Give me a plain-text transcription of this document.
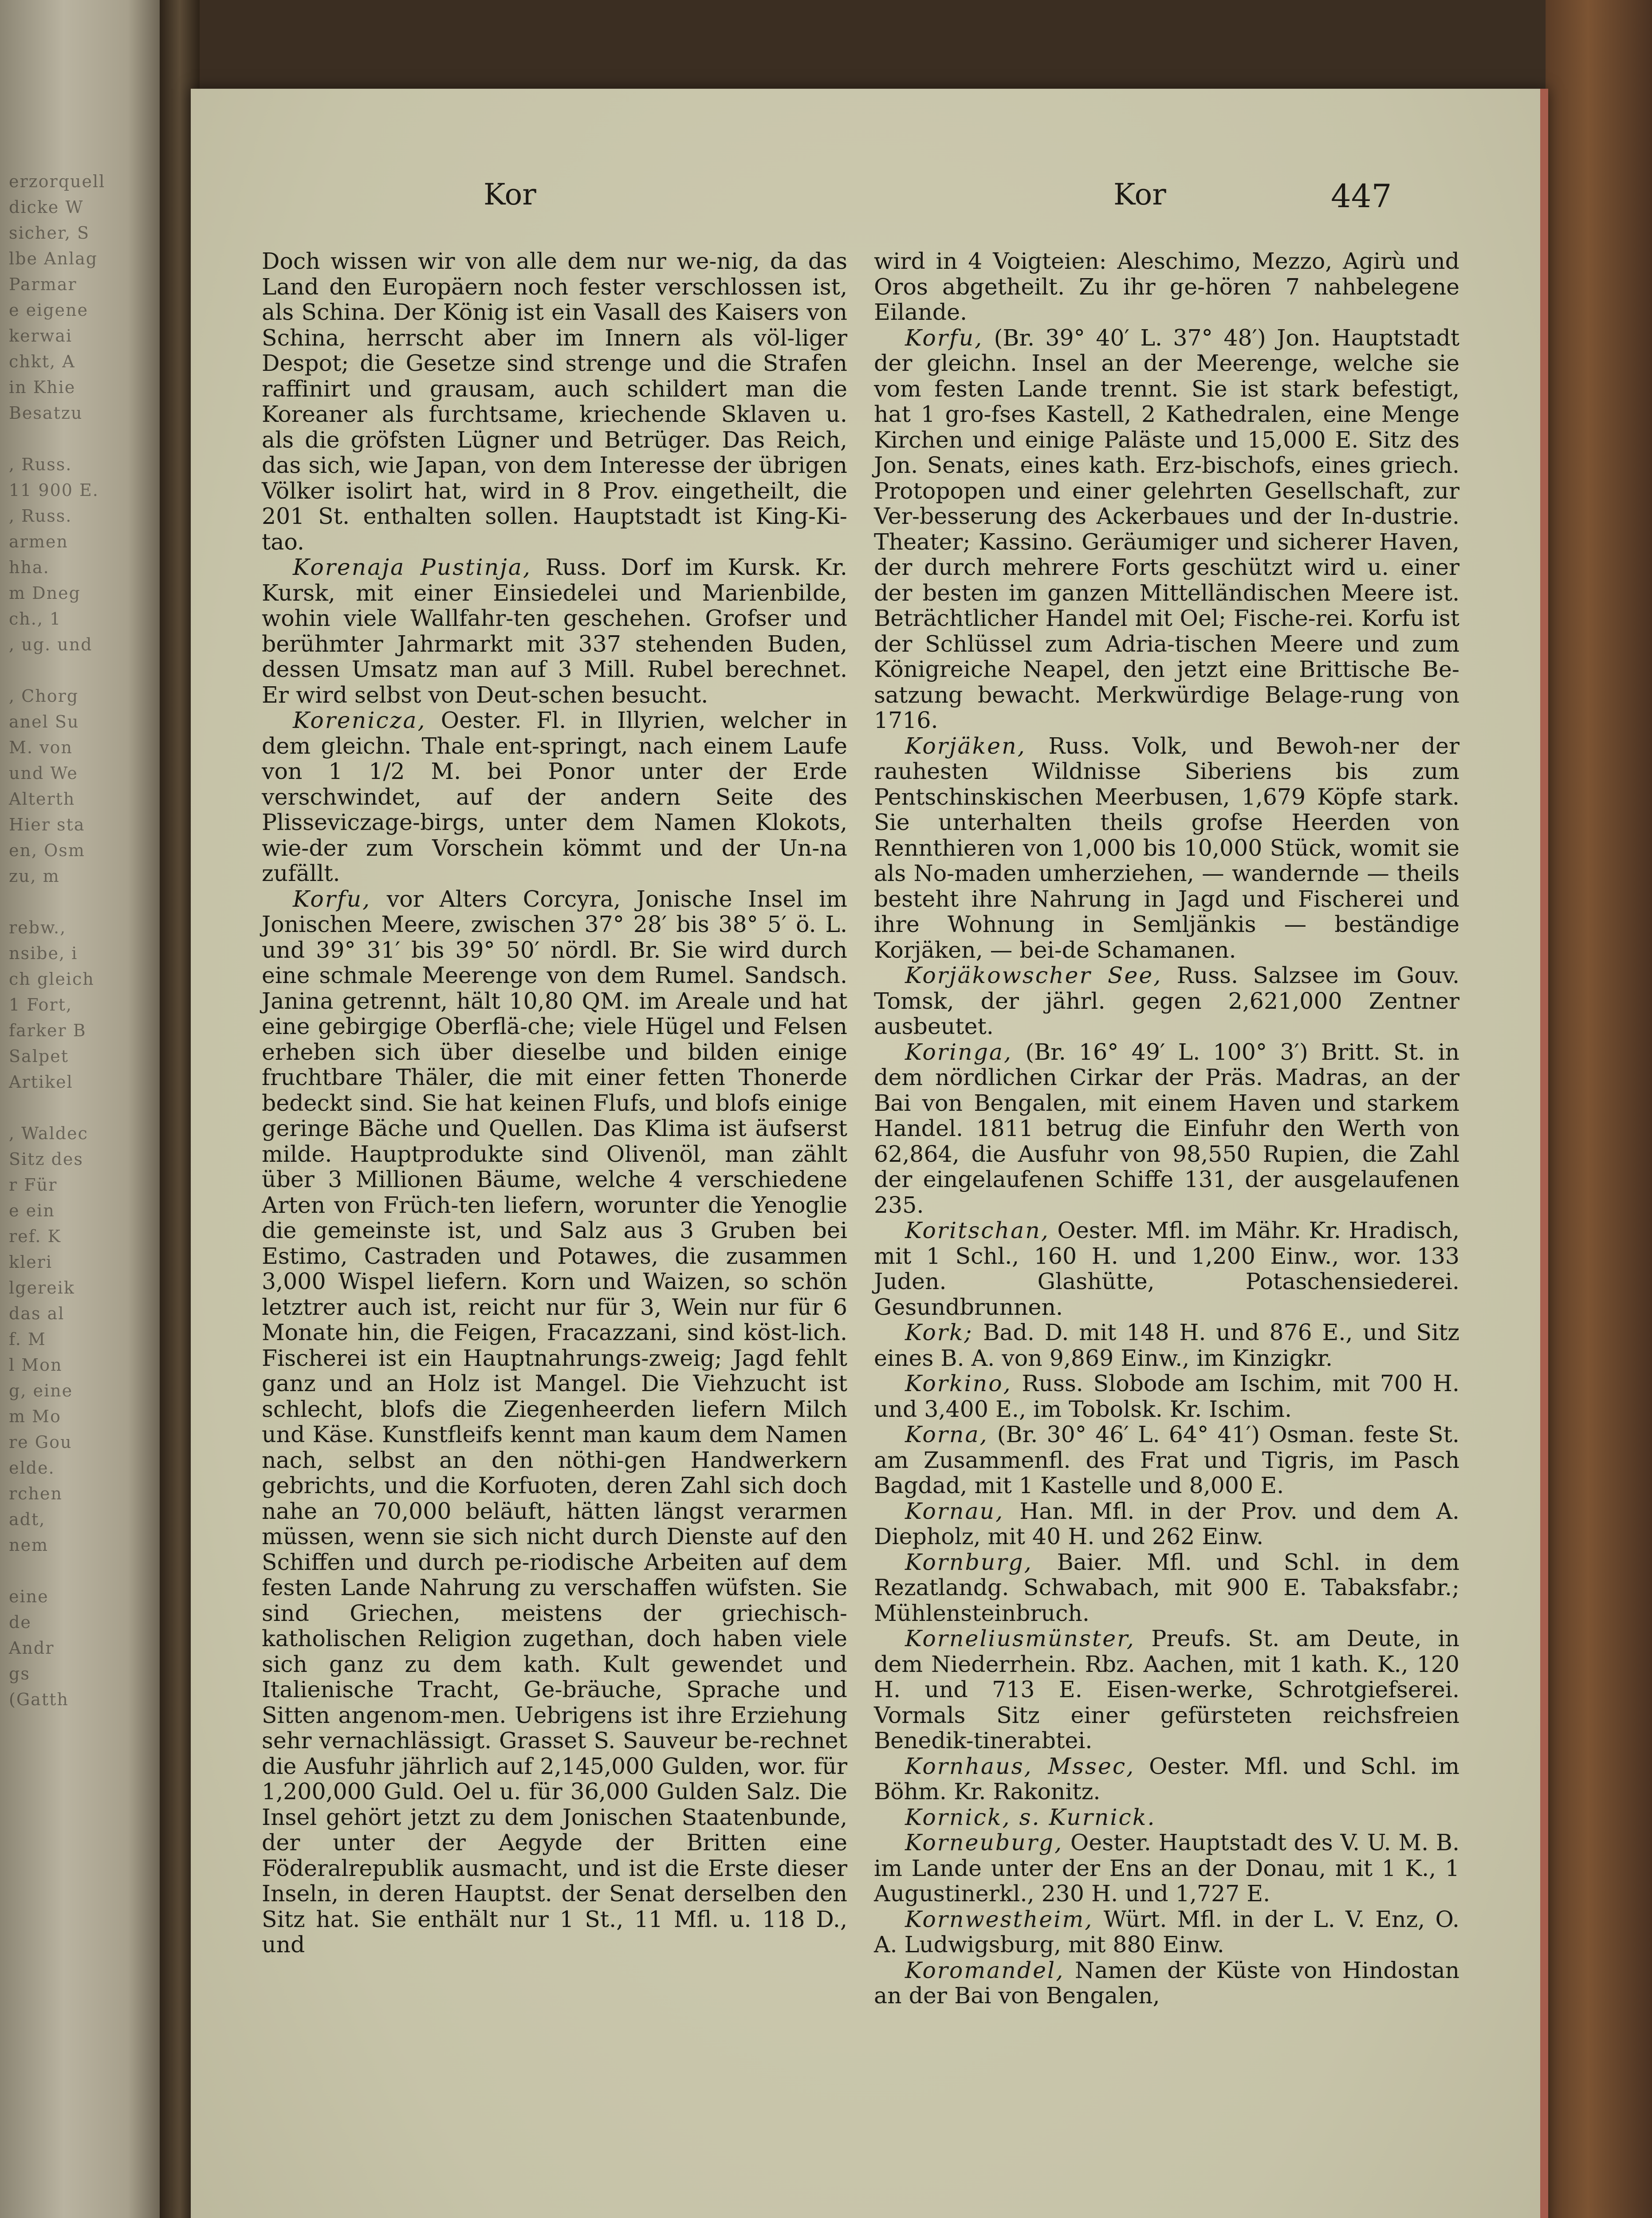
erzorquell
dicke W
sicher, S
lbe Anlag
Parmar
e eigene
kerwai
chkt, A
in Khie
Besatzu

, Russ.
11 900 E.
, Russ.
armen
hha.
m Dneg
ch., 1
, ug. und

, Chorg
anel Su
M. von
und We
Alterth
Hier sta
en, Osm
zu, m

rebw.,
nsibe, i
ch gleich
1 Fort,
farker B
Salpet
Artikel

, Waldec
Sitz des
r Für
e ein
ref. K
kleri
lgereik
das al
f. M
l Mon
g, eine
m Mo
re Gou
elde.
rchen
adt,
nem

eine
de
Andr
gs
(Gatth
Kor	Kor	447

Doch wissen wir von alle dem nur we-nig, da das Land den Europäern noch fester verschlossen ist, als Schina. Der König ist ein Vasall des Kaisers von Schina, herrscht aber im Innern als völ-liger Despot; die Gesetze sind strenge und die Strafen raffinirt und grausam, auch schildert man die Koreaner als furchtsame, kriechende Sklaven u. als die gröfsten Lügner und Betrüger. Das Reich, das sich, wie Japan, von dem Interesse der übrigen Völker isolirt hat, wird in 8 Prov. eingetheilt, die 201 St. enthalten sollen. Hauptstadt ist King-Ki-tao.

Korenaja Pustinja, Russ. Dorf im Kursk. Kr. Kursk, mit einer Einsiedelei und Marienbilde, wohin viele Wallfahr-ten geschehen. Grofser und berühmter Jahrmarkt mit 337 stehenden Buden, dessen Umsatz man auf 3 Mill. Rubel berechnet. Er wird selbst von Deut-schen besucht.

Korenicza, Oester. Fl. in Illyrien, welcher in dem gleichn. Thale ent-springt, nach einem Laufe von 1 1/2 M. bei Ponor unter der Erde verschwindet, auf der andern Seite des Plisseviczage-birgs, unter dem Namen Klokots, wie-der zum Vorschein kömmt und der Un-na zufällt.

Korfu, vor Alters Corcyra, Jonische Insel im Jonischen Meere, zwischen 37° 28′ bis 38° 5′ ö. L. und 39° 31′ bis 39° 50′ nördl. Br. Sie wird durch eine schmale Meerenge von dem Rumel. Sandsch. Janina getrennt, hält 10,80 QM. im Areale und hat eine gebirgige Oberflä-che; viele Hügel und Felsen erheben sich über dieselbe und bilden einige fruchtbare Thäler, die mit einer fetten Thonerde bedeckt sind. Sie hat keinen Flufs, und blofs einige geringe Bäche und Quellen. Das Klima ist äufserst milde. Hauptprodukte sind Olivenöl, man zählt über 3 Millionen Bäume, welche 4 verschiedene Arten von Früch-ten liefern, worunter die Yenoglie die gemeinste ist, und Salz aus 3 Gruben bei Estimo, Castraden und Potawes, die zusammen 3,000 Wispel liefern. Korn und Waizen, so schön letztrer auch ist, reicht nur für 3, Wein nur für 6 Monate hin, die Feigen, Fracazzani, sind köst-lich. Fischerei ist ein Hauptnahrungs-zweig; Jagd fehlt ganz und an Holz ist Mangel. Die Viehzucht ist schlecht, blofs die Ziegenheerden liefern Milch und Käse. Kunstfleifs kennt man kaum dem Namen nach, selbst an den nöthi-gen Handwerkern gebrichts, und die Korfuoten, deren Zahl sich doch nahe an 70,000 beläuft, hätten längst verarmen müssen, wenn sie sich nicht durch Dienste auf den Schiffen und durch pe-riodische Arbeiten auf dem festen Lande Nahrung zu verschaffen wüfsten. Sie sind Griechen, meistens der griechisch-katholischen Religion zugethan, doch haben viele sich ganz zu dem kath. Kult gewendet und Italienische Tracht, Ge-bräuche, Sprache und Sitten angenom-men. Uebrigens ist ihre Erziehung sehr vernachlässigt. Grasset S. Sauveur be-rechnet die Ausfuhr jährlich auf 2,145,000 Gulden, wor. für 1,200,000 Guld. Oel u. für 36,000 Gulden Salz. Die Insel gehört jetzt zu dem Jonischen Staatenbunde, der unter der Aegyde der Britten eine Föderalrepublik ausmacht, und ist die Erste dieser Inseln, in deren Hauptst. der Senat derselben den Sitz hat. Sie enthält nur 1 St., 11 Mfl. u. 118 D., und

wird in 4 Voigteien: Aleschimo, Mezzo, Agirù und Oros abgetheilt. Zu ihr ge-hören 7 nahbelegene Eilande.

Korfu, (Br. 39° 40′ L. 37° 48′) Jon. Hauptstadt der gleichn. Insel an der Meerenge, welche sie vom festen Lande trennt. Sie ist stark befestigt, hat 1 gro-fses Kastell, 2 Kathedralen, eine Menge Kirchen und einige Paläste und 15,000 E. Sitz des Jon. Senats, eines kath. Erz-bischofs, eines griech. Protopopen und einer gelehrten Gesellschaft, zur Ver-besserung des Ackerbaues und der In-dustrie. Theater; Kassino. Geräumiger und sicherer Haven, der durch mehrere Forts geschützt wird u. einer der besten im ganzen Mittelländischen Meere ist. Beträchtlicher Handel mit Oel; Fische-rei. Korfu ist der Schlüssel zum Adria-tischen Meere und zum Königreiche Neapel, den jetzt eine Brittische Be-satzung bewacht. Merkwürdige Belage-rung von 1716.

Korjäken, Russ. Volk, und Bewoh-ner der rauhesten Wildnisse Siberiens bis zum Pentschinskischen Meerbusen, 1,679 Köpfe stark. Sie unterhalten theils grofse Heerden von Rennthieren von 1,000 bis 10,000 Stück, womit sie als No-maden umherziehen, — wandernde — theils besteht ihre Nahrung in Jagd und Fischerei und ihre Wohnung in Semljänkis — beständige Korjäken, — bei-de Schamanen.

Korjäkowscher See, Russ. Salzsee im Gouv. Tomsk, der jährl. gegen 2,621,000 Zentner ausbeutet.

Koringa, (Br. 16° 49′ L. 100° 3′) Britt. St. in dem nördlichen Cirkar der Präs. Madras, an der Bai von Bengalen, mit einem Haven und starkem Handel. 1811 betrug die Einfuhr den Werth von 62,864, die Ausfuhr von 98,550 Rupien, die Zahl der eingelaufenen Schiffe 131, der ausgelaufenen 235.

Koritschan, Oester. Mfl. im Mähr. Kr. Hradisch, mit 1 Schl., 160 H. und 1,200 Einw., wor. 133 Juden. Glashütte, Potaschensiederei. Gesundbrunnen.

Kork; Bad. D. mit 148 H. und 876 E., und Sitz eines B. A. von 9,869 Einw., im Kinzigkr.

Korkino, Russ. Slobode am Ischim, mit 700 H. und 3,400 E., im Tobolsk. Kr. Ischim.

Korna, (Br. 30° 46′ L. 64° 41′) Osman. feste St. am Zusammenfl. des Frat und Tigris, im Pasch Bagdad, mit 1 Kastelle und 8,000 E.

Kornau, Han. Mfl. in der Prov. und dem A. Diepholz, mit 40 H. und 262 Einw.

Kornburg, Baier. Mfl. und Schl. in dem Rezatlandg. Schwabach, mit 900 E. Tabaksfabr.; Mühlensteinbruch.

Korneliusmünster, Preufs. St. am Deute, in dem Niederrhein. Rbz. Aachen, mit 1 kath. K., 120 H. und 713 E. Eisen-werke, Schrotgiefserei. Vormals Sitz einer gefürsteten reichsfreien Benedik-tinerabtei.

Kornhaus, Mssec, Oester. Mfl. und Schl. im Böhm. Kr. Rakonitz.

Kornick, s. Kurnick.

Korneuburg, Oester. Hauptstadt des V. U. M. B. im Lande unter der Ens an der Donau, mit 1 K., 1 Augustinerkl., 230 H. und 1,727 E.

Kornwestheim, Würt. Mfl. in der L. V. Enz, O. A. Ludwigsburg, mit 880 Einw.

Koromandel, Namen der Küste von Hindostan an der Bai von Bengalen,
